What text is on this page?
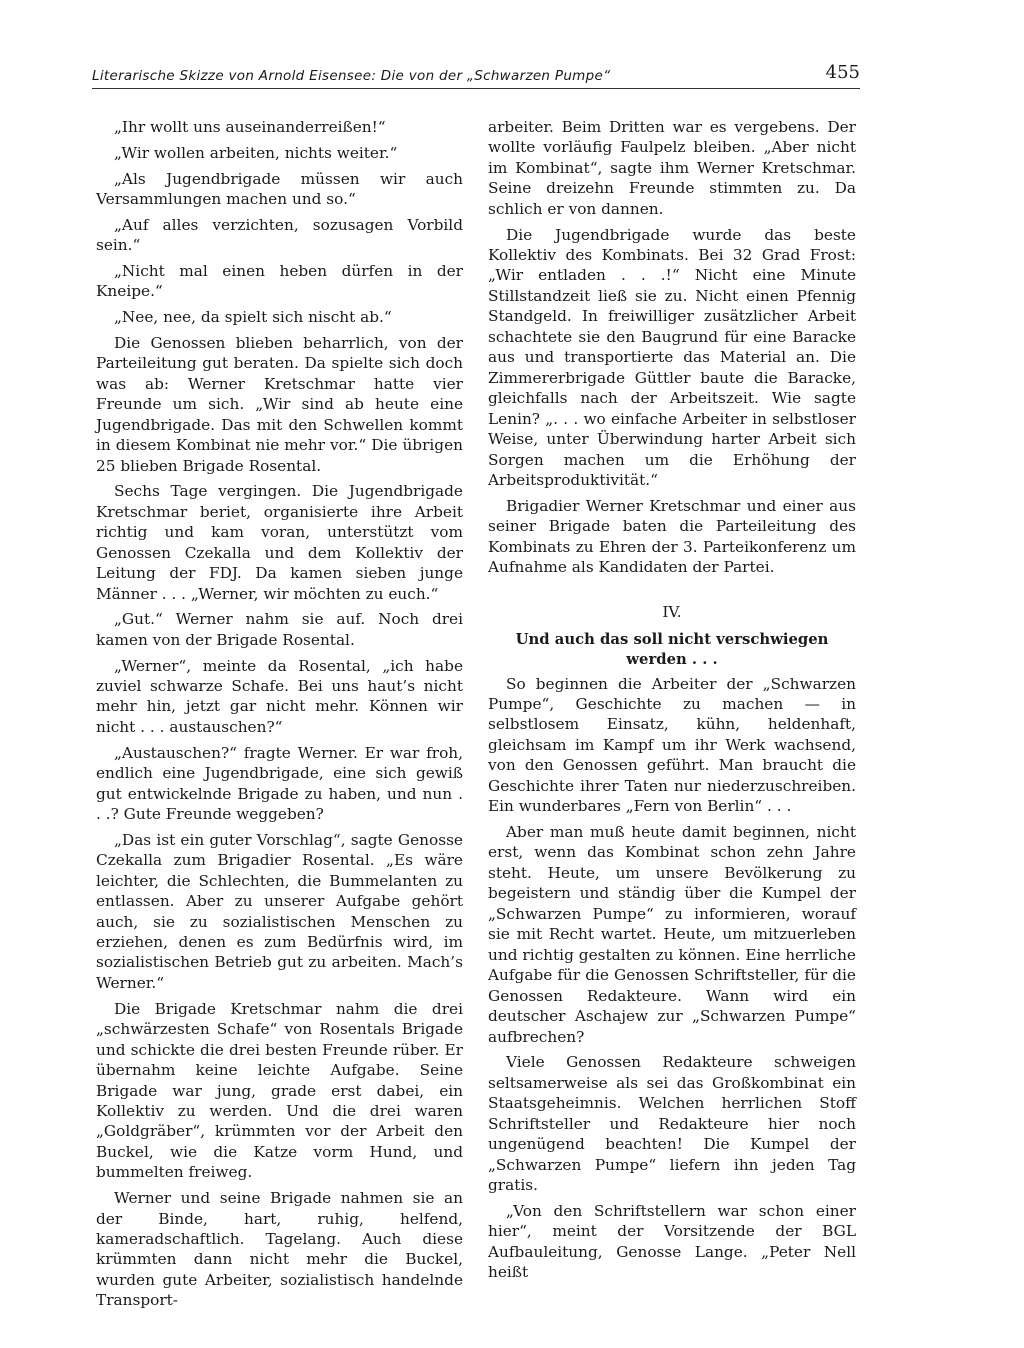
Literarische Skizze von Arnold Eisensee: Die von der „Schwarzen Pumpe“	455

„Ihr wollt uns auseinanderreißen!“

„Wir wollen arbeiten, nichts weiter.“

„Als Jugendbrigade müssen wir auch Versammlungen machen und so.“

„Auf alles verzichten, sozusagen Vorbild sein.“

„Nicht mal einen heben dürfen in der Kneipe.“

„Nee, nee, da spielt sich nischt ab.“

Die Genossen blieben beharrlich, von der Parteileitung gut beraten. Da spielte sich doch was ab: Werner Kretschmar hatte vier Freunde um sich. „Wir sind ab heute eine Jugendbrigade. Das mit den Schwellen kommt in diesem Kombinat nie mehr vor.“ Die übrigen 25 blieben Brigade Rosental.

Sechs Tage vergingen. Die Jugendbrigade Kretschmar beriet, organisierte ihre Arbeit richtig und kam voran, unterstützt vom Genossen Czekalla und dem Kollektiv der Leitung der FDJ. Da kamen sieben junge Männer . . . „Werner, wir möchten zu euch.“

„Gut.“ Werner nahm sie auf. Noch drei kamen von der Brigade Rosental.

„Werner“, meinte da Rosental, „ich habe zuviel schwarze Schafe. Bei uns haut’s nicht mehr hin, jetzt gar nicht mehr. Können wir nicht . . . austauschen?“

„Austauschen?“ fragte Werner. Er war froh, endlich eine Jugendbrigade, eine sich gewiß gut entwickelnde Brigade zu haben, und nun . . .? Gute Freunde weggeben?

„Das ist ein guter Vorschlag“, sagte Genosse Czekalla zum Brigadier Rosental. „Es wäre leichter, die Schlechten, die Bummelanten zu entlassen. Aber zu unserer Aufgabe gehört auch, sie zu sozialistischen Menschen zu erziehen, denen es zum Bedürfnis wird, im sozialistischen Betrieb gut zu arbeiten. Mach’s Werner.“

Die Brigade Kretschmar nahm die drei „schwärzesten Schafe“ von Rosentals Brigade und schickte die drei besten Freunde rüber. Er übernahm keine leichte Aufgabe. Seine Brigade war jung, grade erst dabei, ein Kollektiv zu werden. Und die drei waren „Goldgräber“, krümmten vor der Arbeit den Buckel, wie die Katze vorm Hund, und bummelten freiweg.

Werner und seine Brigade nahmen sie an der Binde, hart, ruhig, helfend, kameradschaftlich. Tagelang. Auch diese krümmten dann nicht mehr die Buckel, wurden gute Arbeiter, sozialistisch handelnde Transport-

arbeiter. Beim Dritten war es vergebens. Der wollte vorläufig Faulpelz bleiben. „Aber nicht im Kombinat“, sagte ihm Werner Kretschmar. Seine dreizehn Freunde stimmten zu. Da schlich er von dannen.

Die Jugendbrigade wurde das beste Kollektiv des Kombinats. Bei 32 Grad Frost: „Wir entladen . . .!“ Nicht eine Minute Stillstandzeit ließ sie zu. Nicht einen Pfennig Standgeld. In freiwilliger zusätzlicher Arbeit schachtete sie den Baugrund für eine Baracke aus und transportierte das Material an. Die Zimmererbrigade Güttler baute die Baracke, gleichfalls nach der Arbeitszeit. Wie sagte Lenin? „. . . wo einfache Arbeiter in selbstloser Weise, unter Überwindung harter Arbeit sich Sorgen machen um die Erhöhung der Arbeitsproduktivität.“

Brigadier Werner Kretschmar und einer aus seiner Brigade baten die Parteileitung des Kombinats zu Ehren der 3. Parteikonferenz um Aufnahme als Kandidaten der Partei.

IV.
Und auch das soll nicht verschwiegen werden . . .

So beginnen die Arbeiter der „Schwarzen Pumpe“, Geschichte zu machen — in selbstlosem Einsatz, kühn, heldenhaft, gleichsam im Kampf um ihr Werk wachsend, von den Genossen geführt. Man braucht die Geschichte ihrer Taten nur niederzuschreiben. Ein wunderbares „Fern von Berlin“ . . .

Aber man muß heute damit beginnen, nicht erst, wenn das Kombinat schon zehn Jahre steht. Heute, um unsere Bevölkerung zu begeistern und ständig über die Kumpel der „Schwarzen Pumpe“ zu informieren, worauf sie mit Recht wartet. Heute, um mitzuerleben und richtig gestalten zu können. Eine herrliche Aufgabe für die Genossen Schriftsteller, für die Genossen Redakteure. Wann wird ein deutscher Aschajew zur „Schwarzen Pumpe“ aufbrechen?

Viele Genossen Redakteure schweigen seltsamerweise als sei das Großkombinat ein Staatsgeheimnis. Welchen herrlichen Stoff Schriftsteller und Redakteure hier noch ungenügend beachten! Die Kumpel der „Schwarzen Pumpe“ liefern ihn jeden Tag gratis.

„Von den Schriftstellern war schon einer hier“, meint der Vorsitzende der BGL Aufbauleitung, Genosse Lange. „Peter Nell heißt
